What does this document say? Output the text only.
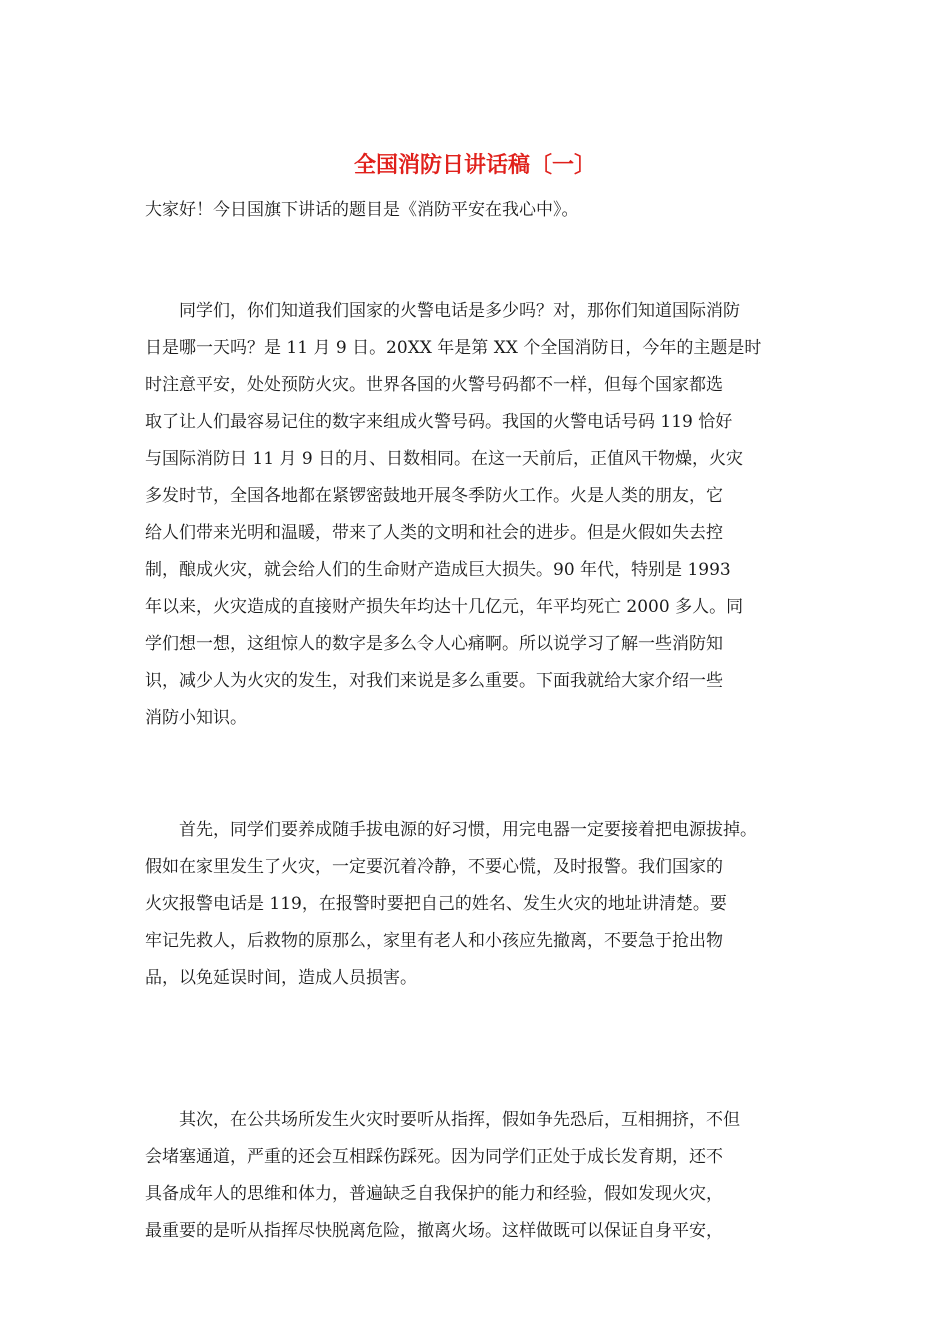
全国消防日讲话稿〔一〕
大家好！今日国旗下讲话的题目是《消防平安在我心中》。
同学们，你们知道我们国家的火警电话是多少吗？对，那你们知道国际消防
日是哪一天吗？是 11 月 9 日。20XX 年是第 XX 个全国消防日，今年的主题是时
时注意平安，处处预防火灾。世界各国的火警号码都不一样，但每个国家都选
取了让人们最容易记住的数字来组成火警号码。我国的火警电话号码 119 恰好
与国际消防日 11 月 9 日的月、日数相同。在这一天前后，正值风干物燥，火灾
多发时节，全国各地都在紧锣密鼓地开展冬季防火工作。火是人类的朋友，它
给人们带来光明和温暖，带来了人类的文明和社会的进步。但是火假如失去控
制，酿成火灾，就会给人们的生命财产造成巨大损失。90 年代，特别是 1993
年以来，火灾造成的直接财产损失年均达十几亿元，年平均死亡 2000 多人。同
学们想一想，这组惊人的数字是多么令人心痛啊。所以说学习了解一些消防知
识，减少人为火灾的发生，对我们来说是多么重要。下面我就给大家介绍一些
消防小知识。
首先，同学们要养成随手拔电源的好习惯，用完电器一定要接着把电源拔掉。
假如在家里发生了火灾，一定要沉着冷静，不要心慌，及时报警。我们国家的
火灾报警电话是 119，在报警时要把自己的姓名、发生火灾的地址讲清楚。要
牢记先救人，后救物的原那么，家里有老人和小孩应先撤离，不要急于抢出物
品，以免延误时间，造成人员损害。
其次，在公共场所发生火灾时要听从指挥，假如争先恐后，互相拥挤，不但
会堵塞通道，严重的还会互相踩伤踩死。因为同学们正处于成长发育期，还不
具备成年人的思维和体力，普遍缺乏自我保护的能力和经验，假如发现火灾，
最重要的是听从指挥尽快脱离危险，撤离火场。这样做既可以保证自身平安，
